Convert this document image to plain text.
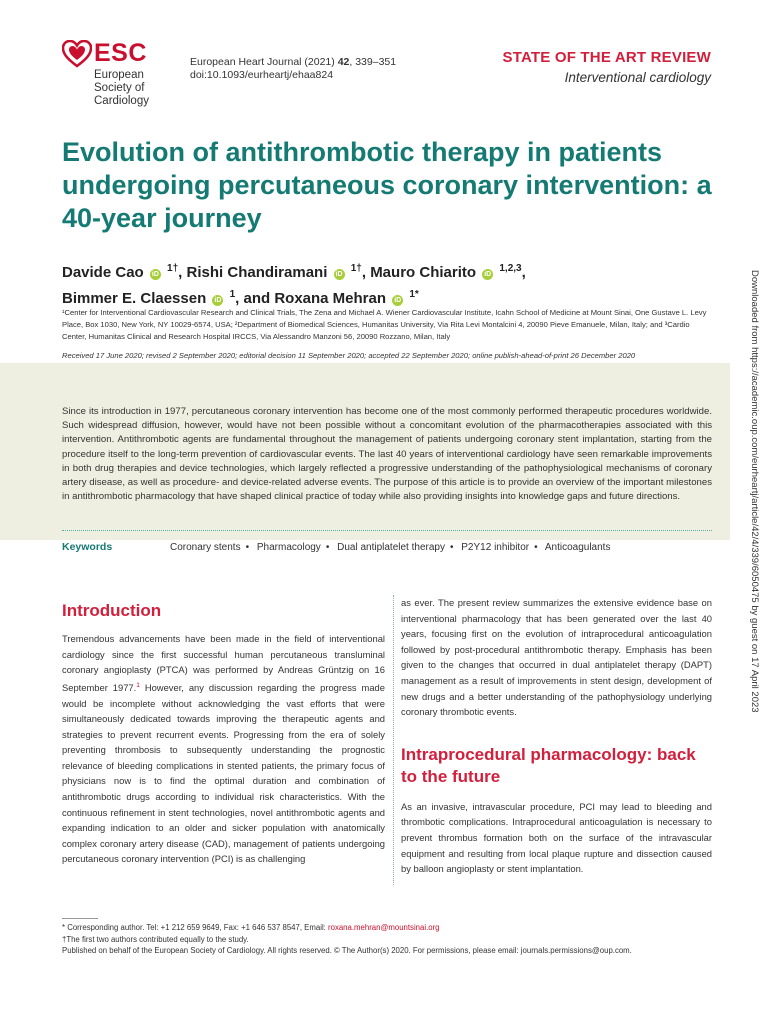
ESC
European Society of Cardiology
European Heart Journal (2021) 42, 339–351
doi:10.1093/eurheartj/ehaa824
STATE OF THE ART REVIEW
Interventional cardiology
Evolution of antithrombotic therapy in patients undergoing percutaneous coronary intervention: a 40-year journey
Davide Cao iD $^{1\dagger}$, Rishi Chandiramani iD $^{1\dagger}$, Mauro Chiarito iD $^{1,2,3}$,
Bimmer E. Claessen iD $^1$, and Roxana Mehran iD $^{1*}$
¹Center for Interventional Cardiovascular Research and Clinical Trials, The Zena and Michael A. Wiener Cardiovascular Institute, Icahn School of Medicine at Mount Sinai, One Gustave L. Levy Place, Box 1030, New York, NY 10029-6574, USA; ²Department of Biomedical Sciences, Humanitas University, Via Rita Levi Montalcini 4, 20090 Pieve Emanuele, Milan, Italy; and ³Cardio Center, Humanitas Clinical and Research Hospital IRCCS, Via Alessandro Manzoni 56, 20090 Rozzano, Milan, Italy
Received 17 June 2020; revised 2 September 2020; editorial decision 11 September 2020; accepted 22 September 2020; online publish-ahead-of-print 26 December 2020
Since its introduction in 1977, percutaneous coronary intervention has become one of the most commonly performed therapeutic procedures worldwide. Such widespread diffusion, however, would have not been possible without a concomitant evolution of the pharmacotherapies associated with this intervention. Antithrombotic agents are fundamental throughout the management of patients undergoing coronary stent implantation, starting from the procedure itself to the long-term prevention of cardiovascular events. The last 40 years of interventional cardiology have seen remarkable improvements in both drug therapies and device technologies, which largely reflected a progressive understanding of the pathophysiological mechanisms of coronary artery disease, as well as procedure- and device-related adverse events. The purpose of this article is to provide an overview of the important milestones in antithrombotic pharmacology that have shaped clinical practice of today while also providing insights into knowledge gaps and future directions.
Keywords	Coronary stents • Pharmacology • Dual antiplatelet therapy • P2Y12 inhibitor • Anticoagulants
Introduction
Tremendous advancements have been made in the field of interventional cardiology since the first successful human percutaneous transluminal coronary angioplasty (PTCA) was performed by Andreas Grüntzig on 16 September 1977.$^1$ However, any discussion regarding the progress made would be incomplete without acknowledging the vast efforts that were simultaneously dedicated towards improving the therapeutic agents and strategies to prevent recurrent events. Progressing from the era of solely preventing thrombosis to subsequently understanding the prognostic relevance of bleeding complications in stented patients, the primary focus of physicians now is to find the optimal duration and combination of antithrombotic drugs according to individual risk characteristics. With the continuous refinement in stent technologies, novel antithrombotic agents and expanding indication to an older and sicker population with anatomically complex coronary artery disease (CAD), management of patients undergoing percutaneous coronary intervention (PCI) is as challenging
as ever. The present review summarizes the extensive evidence base on interventional pharmacology that has been generated over the last 40 years, focusing first on the evolution of intraprocedural anticoagulation followed by post-procedural antithrombotic therapy. Emphasis has been given to the changes that occurred in dual antiplatelet therapy (DAPT) management as a result of improvements in stent design, development of new drugs and a better understanding of the pathophysiology underlying coronary thrombotic events.
Intraprocedural pharmacology: back to the future
As an invasive, intravascular procedure, PCI may lead to bleeding and thrombotic complications. Intraprocedural anticoagulation is necessary to prevent thrombus formation both on the surface of the intravascular equipment and resulting from local plaque rupture and dissection caused by balloon angioplasty or stent implantation.
Downloaded from https://academic.oup.com/eurheartj/article/42/4/339/6050475 by guest on 17 April 2023
* Corresponding author. Tel: +1 212 659 9649, Fax: +1 646 537 8547, Email: roxana.mehran@mountsinai.org
†The first two authors contributed equally to the study.
Published on behalf of the European Society of Cardiology. All rights reserved. © The Author(s) 2020. For permissions, please email: journals.permissions@oup.com.
